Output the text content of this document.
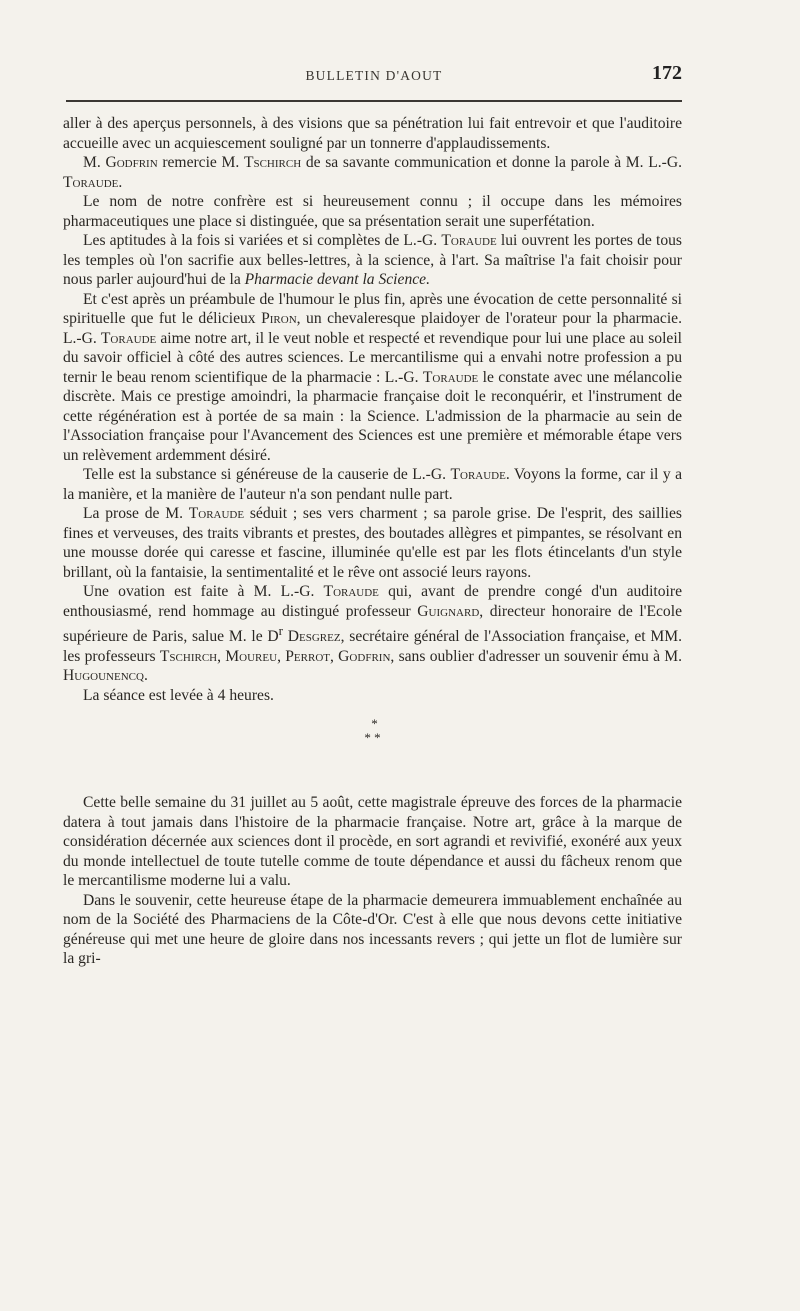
BULLETIN D'AOUT	172

aller à des aperçus personnels, à des visions que sa pénétration lui fait entrevoir et que l'auditoire accueille avec un acquiescement souligné par un tonnerre d'applaudissements.

M. Godfrin remercie M. Tschirch de sa savante communication et donne la parole à M. L.-G. Toraude.

Le nom de notre confrère est si heureusement connu ; il occupe dans les mémoires pharmaceutiques une place si distinguée, que sa présentation serait une superfétation.

Les aptitudes à la fois si variées et si complètes de L.-G. Toraude lui ouvrent les portes de tous les temples où l'on sacrifie aux belles-lettres, à la science, à l'art. Sa maîtrise l'a fait choisir pour nous parler aujourd'hui de la Pharmacie devant la Science.

Et c'est après un préambule de l'humour le plus fin, après une évocation de cette personnalité si spirituelle que fut le délicieux Piron, un chevaleresque plaidoyer de l'orateur pour la pharmacie. L.-G. Toraude aime notre art, il le veut noble et respecté et revendique pour lui une place au soleil du savoir officiel à côté des autres sciences. Le mercantilisme qui a envahi notre profession a pu ternir le beau renom scientifique de la pharmacie : L.-G. Toraude le constate avec une mélancolie discrète. Mais ce prestige amoindri, la pharmacie française doit le reconquérir, et l'instrument de cette régénération est à portée de sa main : la Science. L'admission de la pharmacie au sein de l'Association française pour l'Avancement des Sciences est une première et mémorable étape vers un relèvement ardemment désiré.

Telle est la substance si généreuse de la causerie de L.-G. Toraude. Voyons la forme, car il y a la manière, et la manière de l'auteur n'a son pendant nulle part.

La prose de M. Toraude séduit ; ses vers charment ; sa parole grise. De l'esprit, des saillies fines et verveuses, des traits vibrants et prestes, des boutades allègres et pimpantes, se résolvant en une mousse dorée qui caresse et fascine, illuminée qu'elle est par les flots étincelants d'un style brillant, où la fantaisie, la sentimentalité et le rêve ont associé leurs rayons.

Une ovation est faite à M. L.-G. Toraude qui, avant de prendre congé d'un auditoire enthousiasmé, rend hommage au distingué professeur Guignard, directeur honoraire de l'Ecole supérieure de Paris, salue M. le $D^r$ Desgrez, secrétaire général de l'Association française, et MM. les professeurs Tschirch, Moureu, Perrot, Godfrin, sans oublier d'adresser un souvenir ému à M. Hugounencq.

La séance est levée à 4 heures.

*
* *

Cette belle semaine du 31 juillet au 5 août, cette magistrale épreuve des forces de la pharmacie datera à tout jamais dans l'histoire de la pharmacie française. Notre art, grâce à la marque de considération décernée aux sciences dont il procède, en sort agrandi et revivifié, exonéré aux yeux du monde intellectuel de toute tutelle comme de toute dépendance et aussi du fâcheux renom que le mercantilisme moderne lui a valu.

Dans le souvenir, cette heureuse étape de la pharmacie demeurera immuablement enchaînée au nom de la Société des Pharmaciens de la Côte-d'Or. C'est à elle que nous devons cette initiative généreuse qui met une heure de gloire dans nos incessants revers ; qui jette un flot de lumière sur la gri-
